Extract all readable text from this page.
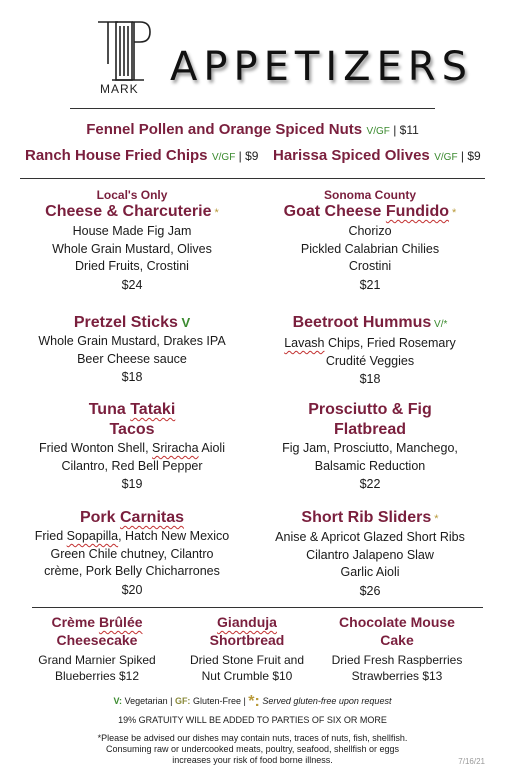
MARK APPETIZERS
Fennel Pollen and Orange Spiced Nuts V/GF | $11
Ranch House Fried Chips V/GF | $9 Harissa Spiced Olives V/GF | $9
Local's Only
Cheese & Charcuterie *
House Made Fig Jam
Whole Grain Mustard, Olives
Dried Fruits, Crostini
$24
Pretzel Sticks V
Whole Grain Mustard, Drakes IPA
Beer Cheese sauce
$18
Tuna Tataki
Tacos
Fried Wonton Shell, Sriracha Aioli
Cilantro, Red Bell Pepper
$19
Pork Carnitas
Fried Sopapilla, Hatch New Mexico
Green Chile chutney, Cilantro
crème, Pork Belly Chicharrones
$20
Sonoma County
Goat Cheese Fundido *
Chorizo
Pickled Calabrian Chilies
Crostini
$21
Beetroot Hummus V/*
Lavash Chips, Fried Rosemary
Crudité Veggies
$18
Prosciutto & Fig
Flatbread
Fig Jam, Prosciutto, Manchego,
Balsamic Reduction
$22
Short Rib Sliders *
Anise & Apricot Glazed Short Ribs
Cilantro Jalapeno Slaw
Garlic Aioli
$26
Crème Brûlée
Cheesecake
Grand Marnier Spiked
Blueberries $12
Gianduja
Shortbread
Dried Stone Fruit and
Nut Crumble $10
Chocolate Mouse
Cake
Dried Fresh Raspberries
Strawberries $13
V: Vegetarian | GF: Gluten-Free | *: Served gluten-free upon request
19% GRATUITY WILL BE ADDED TO PARTIES OF SIX OR MORE
*Please be advised our dishes may contain nuts, traces of nuts, fish, shellfish.
Consuming raw or undercooked meats, poultry, seafood, shellfish or eggs
increases your risk of food borne illness.	7/16/21
